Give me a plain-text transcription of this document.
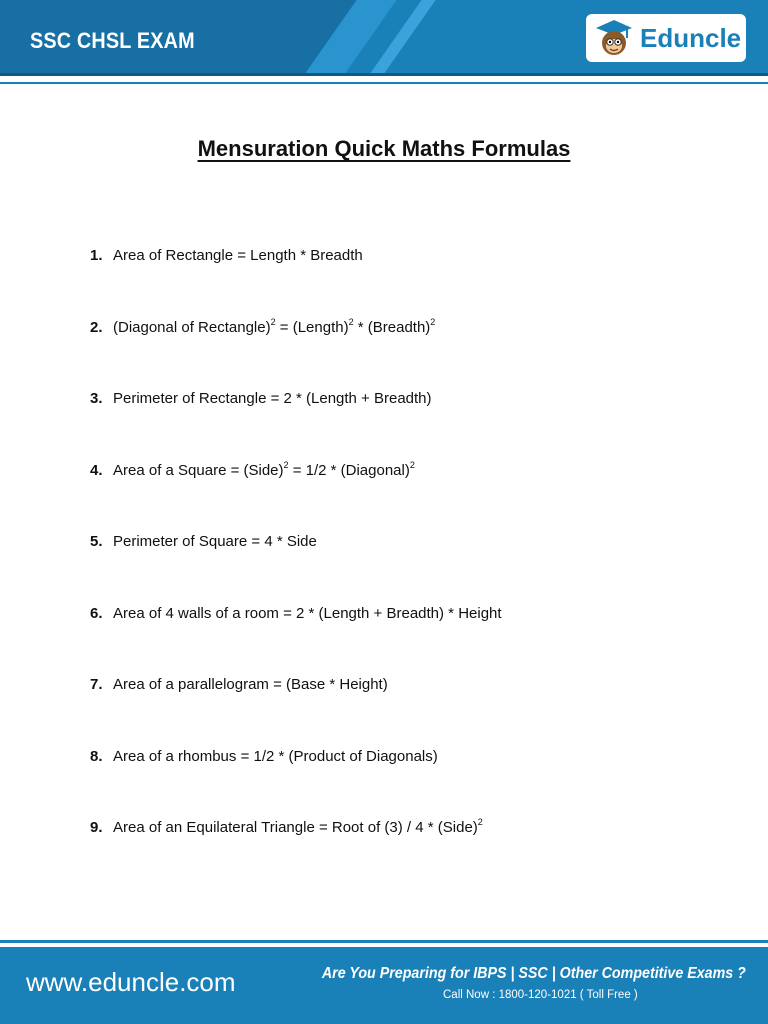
SSC CHSL EXAM	Eduncle
Mensuration Quick Maths Formulas
1. Area of Rectangle = Length * Breadth
2. (Diagonal of Rectangle)$^2$ = (Length)$^2$ * (Breadth)$^2$
3. Perimeter of Rectangle = 2 * (Length + Breadth)
4. Area of a Square = (Side)$^2$ = 1/2 * (Diagonal)$^2$
5. Perimeter of Square = 4 * Side
6. Area of 4 walls of a room = 2 * (Length + Breadth) * Height
7. Area of a parallelogram = (Base * Height)
8. Area of a rhombus = 1/2 * (Product of Diagonals)
9. Area of an Equilateral Triangle = Root of (3) / 4 * (Side)$^2$
www.eduncle.com	Are You Preparing for IBPS | SSC | Other Competitive Exams ?
Call Now : 1800-120-1021 ( Toll Free )
